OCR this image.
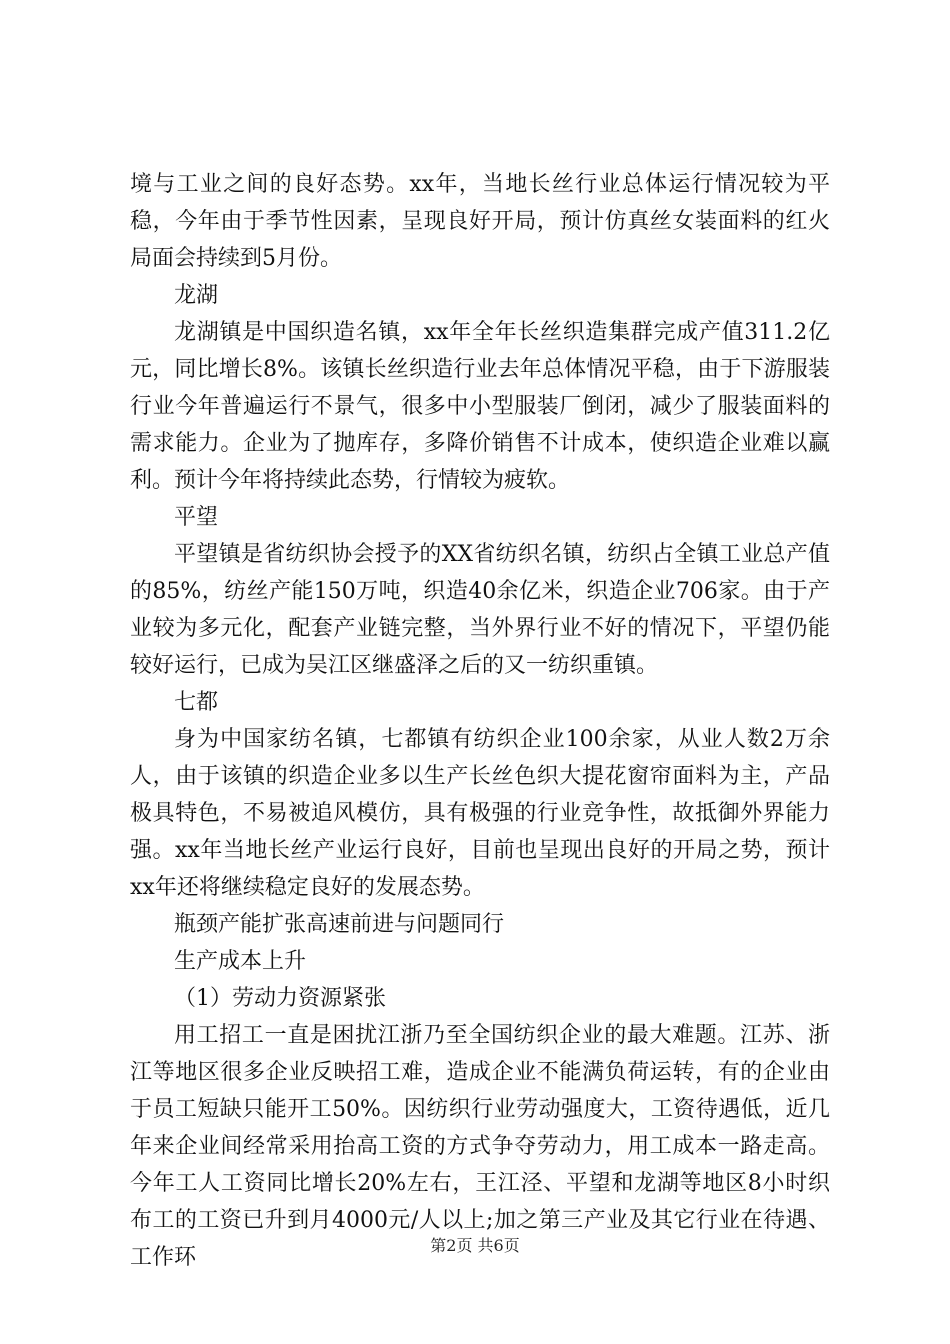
境与工业之间的良好态势。xx年，当地长丝行业总体运行情况较为平稳，今年由于季节性因素，呈现良好开局，预计仿真丝女装面料的红火局面会持续到5月份。

龙湖

龙湖镇是中国织造名镇，xx年全年长丝织造集群完成产值311.2亿元，同比增长8%。该镇长丝织造行业去年总体情况平稳，由于下游服装行业今年普遍运行不景气，很多中小型服装厂倒闭，减少了服装面料的需求能力。企业为了抛库存，多降价销售不计成本，使织造企业难以赢利。预计今年将持续此态势，行情较为疲软。

平望

平望镇是省纺织协会授予的XX省纺织名镇，纺织占全镇工业总产值的85%，纺丝产能150万吨，织造40余亿米，织造企业706家。由于产业较为多元化，配套产业链完整，当外界行业不好的情况下，平望仍能较好运行，已成为吴江区继盛泽之后的又一纺织重镇。

七都

身为中国家纺名镇，七都镇有纺织企业100余家，从业人数2万余人，由于该镇的织造企业多以生产长丝色织大提花窗帘面料为主，产品极具特色，不易被追风模仿，具有极强的行业竞争性，故抵御外界能力强。xx年当地长丝产业运行良好，目前也呈现出良好的开局之势，预计xx年还将继续稳定良好的发展态势。

瓶颈产能扩张高速前进与问题同行

生产成本上升

（1）劳动力资源紧张

用工招工一直是困扰江浙乃至全国纺织企业的最大难题。江苏、浙江等地区很多企业反映招工难，造成企业不能满负荷运转，有的企业由于员工短缺只能开工50%。因纺织行业劳动强度大，工资待遇低，近几年来企业间经常采用抬高工资的方式争夺劳动力，用工成本一路走高。今年工人工资同比增长20%左右，王江泾、平望和龙湖等地区8小时织布工的工资已升到月4000元/人以上;加之第三产业及其它行业在待遇、工作环	第2页 共6页
